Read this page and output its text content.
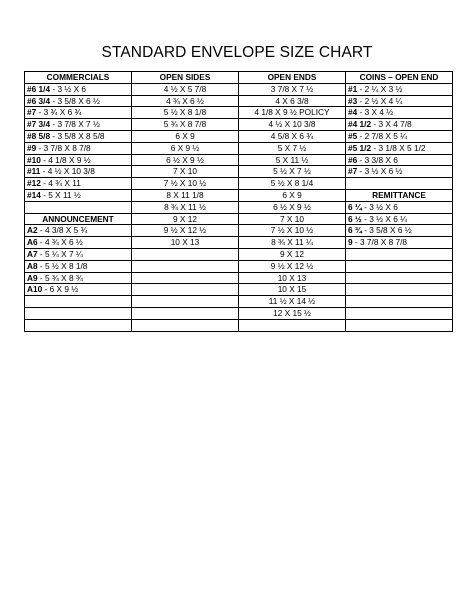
STANDARD ENVELOPE SIZE CHART
COMMERCIALS	OPEN SIDES	OPEN ENDS	COINS – OPEN END
#6 1/4 - 3 ½ X 6	4 ½ X 5 7/8	3 7/8 X 7 ½	#1 - 2 ¼ X 3 ½
#6 3/4 - 3 5/8 X 6 ½	4 ¾ X 6 ½	4 X 6 3/8	#3 - 2 ½ X 4 ¼
#7 - 3 ¾ X 6 ¾	5 ½ X 8 1/8	4 1/8 X 9 ½ POLICY	#4 - 3 X 4 ½
#7 3/4 - 3 7/8 X 7 ½	5 ¾ X 8 7/8	4 ½ X 10 3/8	#4 1/2 - 3 X 4 7/8
#8 5/8 - 3 5/8 X 8 5/8	6 X 9	4 5/8 X 6 ¾	#5 - 2 7/8 X 5 ¼
#9 - 3 7/8 X 8 7/8	6 X 9 ½	5 X 7 ½	#5 1/2 - 3 1/8 X 5 1/2
#10 - 4 1/8 X 9 ½	6 ½ X 9 ½	5 X 11 ½	#6 - 3 3/8 X 6
#11 - 4 ½ X 10 3/8	7 X 10	5 ½ X 7 ½	#7 - 3 ½ X 6 ½
#12 - 4 ¾ X 11	7 ½ X 10 ½	5 ½ X 8 1/4	
#14 - 5 X 11 ½	8 X 11 1/8	6 X 9	REMITTANCE
	8 ¾ X 11 ½	6 ½ X 9 ½	6 ¼ - 3 ½ X 6
ANNOUNCEMENT	9 X 12	7 X 10	6 ½ - 3 ½ X 6 ¼
A2 - 4 3/8 X 5 ¾	9 ½ X 12 ½	7 ½ X 10 ½	6 ¾ - 3 5/8 X 6 ½
A6 - 4 ¾ X 6 ½	10 X 13	8 ¾ X 11 ¼	9 - 3 7/8 X 8 7/8
A7 - 5 ¼ X 7 ¼		9 X 12	
A8 - 5 ½ X 8 1/8		9 ½ X 12 ½	
A9 - 5 ¾ X 8 ¾		10 X 13	
A10 - 6 X 9 ½		10 X 15	
		11 ½ X 14 ½	
		12 X 15 ½	
